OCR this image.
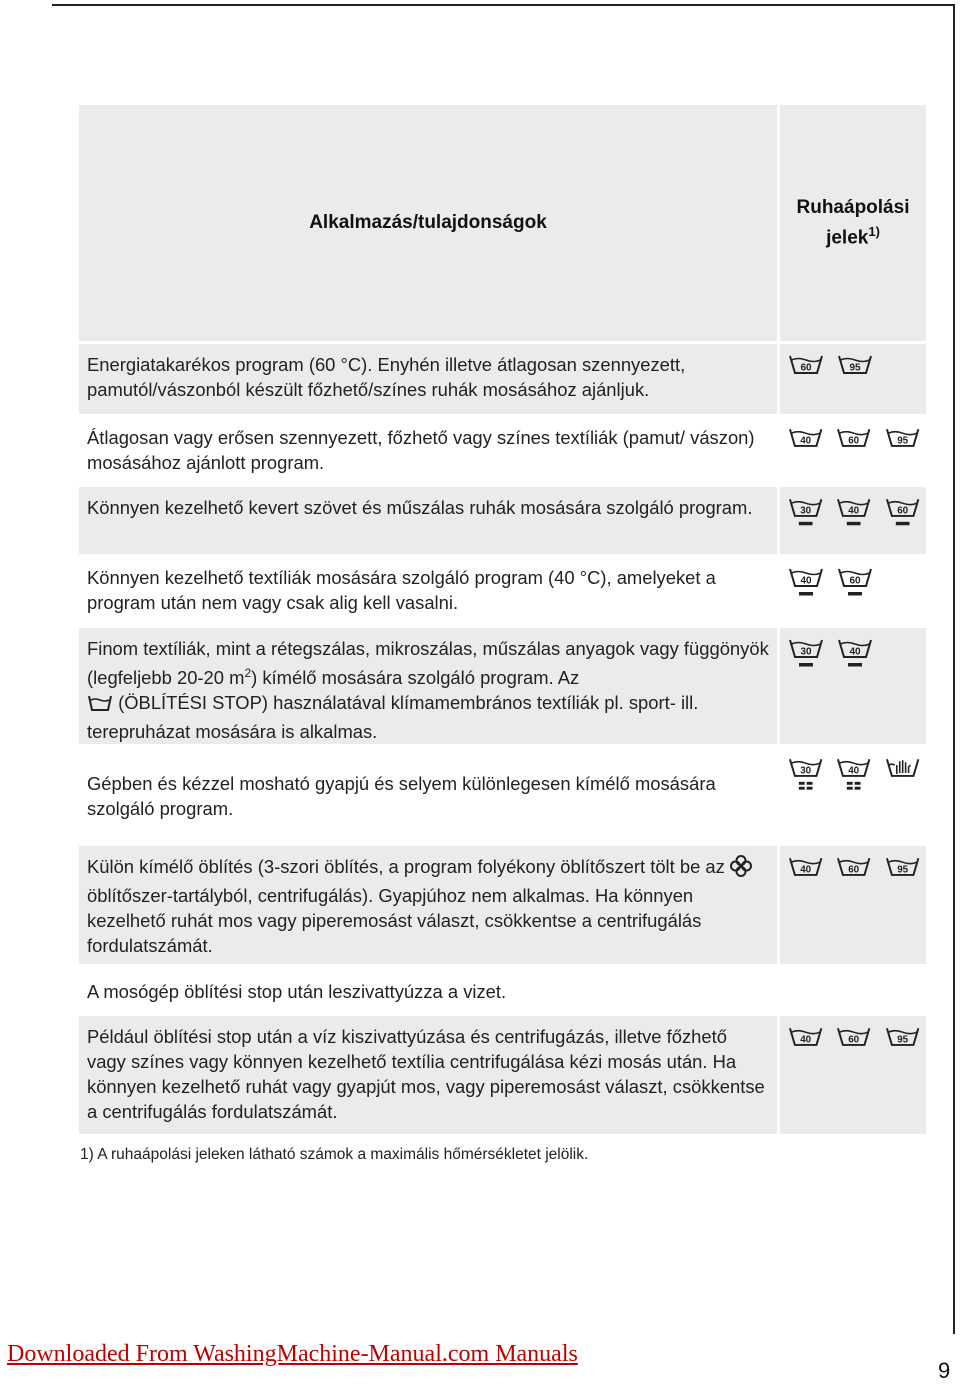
Alkalmazás/tulajdonságok
Ruhaápolási
jelek$^{1)}$

Energiatakarékos program (60 °C). Enyhén illetve átlagosan szennyezett, pamutól/vászonból készült főzhető/színes ruhák mosásához ajánljuk.

60	95

Átlagosan vagy erősen szennyezett, főzhető vagy színes textíliák (pamut/ vászon) mosásához ajánlott program.

40	60	95

Könnyen kezelhető kevert szövet és műszálas ruhák mosására szolgáló program.	30	40	60

Könnyen kezelhető textíliák mosására szolgáló program (40 °C), amelyeket a program után nem vagy csak alig kell vasalni.

40	60

Finom textíliák, mint a rétegszálas, mikroszálas, műszálas anyagok vagy függönyök (legfeljebb 20-20 $m^2$) kímélő mosására szolgáló program. Az
(ÖBLÍTÉSI STOP) használatával klímamembrános textíliák pl. sport- ill. terepruházat mosására is alkalmas.

30	40

Gépben és kézzel mosható gyapjú és selyem különlegesen kímélő mosására szolgáló program.

30	40

Külön kímélő öblítés (3-szori öblítés, a program folyékony öblítőszert tölt be az  öblítőszer-tartályból, centrifugálás). Gyapjúhoz nem alkalmas. Ha könnyen kezelhető ruhát mos vagy piperemosást választ, csökkentse a centrifugálás fordulatszámát.

40	60	95

A mosógép öblítési stop után leszivattyúzza a vizet.

Például öblítési stop után a víz kiszivattyúzása és centrifugázás, illetve főzhető vagy színes vagy könnyen kezelhető textília centrifugálása kézi mosás után. Ha könnyen kezelhető ruhát vagy gyapjút mos, vagy piperemosást választ, csökkentse a centrifugálás fordulatszámát.

40	60	95
1) A ruhaápolási jeleken látható számok a maximális hőmérsékletet jelölik.
Downloaded From WashingMachine-Manual.com Manuals
9
